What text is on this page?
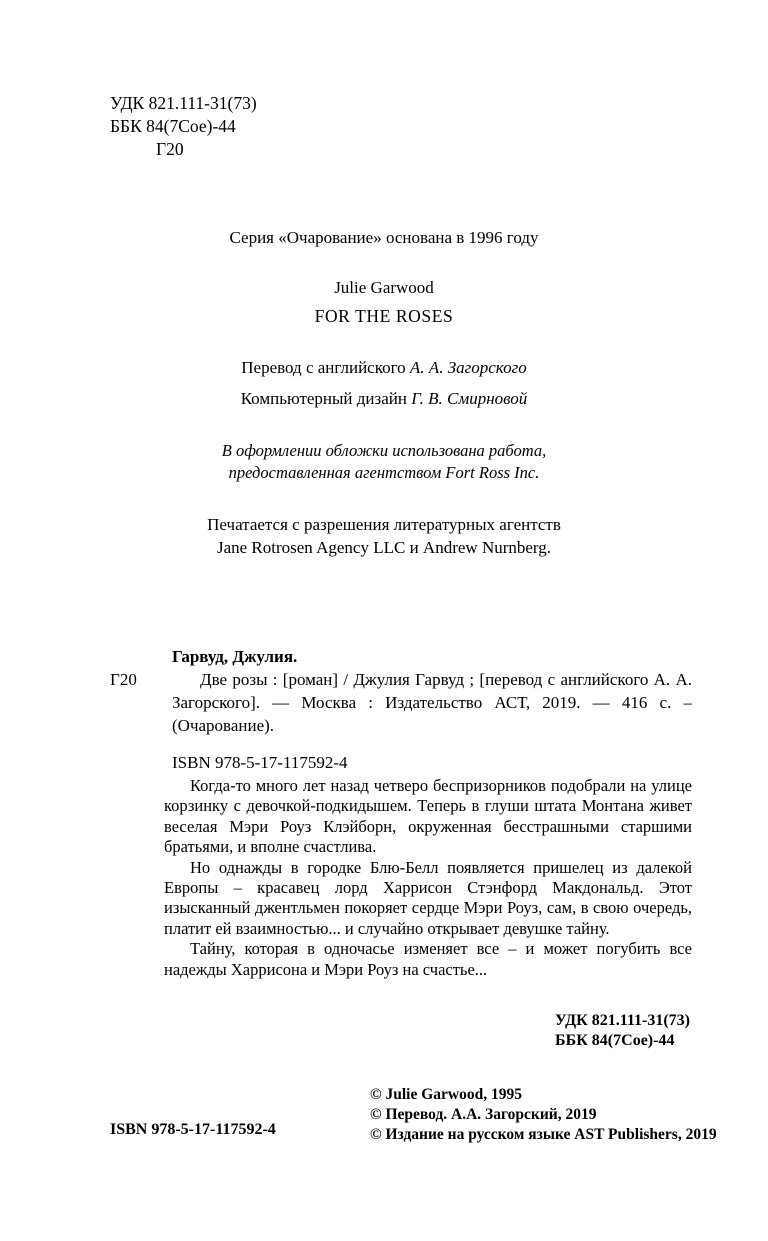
УДК 821.111-31(73)
ББК 84(7Сое)-44
Г20
Серия «Очарование» основана в 1996 году
Julie Garwood
FOR THE ROSES
Перевод с английского А. А. Загорского
Компьютерный дизайн Г. В. Смирновой
В оформлении обложки использована работа,
предоставленная агентством Fort Ross Inc.
Печатается с разрешения литературных агентств
Jane Rotrosen Agency LLC и Andrew Nurnberg.
Гарвуд, Джулия.
Г20	Две розы : [роман] / Джулия Гарвуд ; [перевод с английского А. А. Загорского]. — Москва : Издательство АСТ, 2019. — 416 с. – (Очарование).
ISBN 978-5-17-117592-4

Когда-то много лет назад четверо беспризорников подобрали на улице корзинку с девочкой-подкидышем. Теперь в глуши штата Монтана живет веселая Мэри Роуз Клэйборн, окруженная бесстрашными старшими братьями, и вполне счастлива.

Но однажды в городке Блю-Белл появляется пришелец из далекой Европы – красавец лорд Харрисон Стэнфорд Макдональд. Этот изысканный джентльмен покоряет сердце Мэри Роуз, сам, в свою очередь, платит ей взаимностью... и случайно открывает девушке тайну.

Тайну, которая в одночасье изменяет все – и может погубить все надежды Харрисона и Мэри Роуз на счастье...

УДК 821.111-31(73)
ББК 84(7Сое)-44
© Julie Garwood, 1995
© Перевод. А.А. Загорский, 2019
© Издание на русском языке AST Publishers, 2019
ISBN 978-5-17-117592-4
